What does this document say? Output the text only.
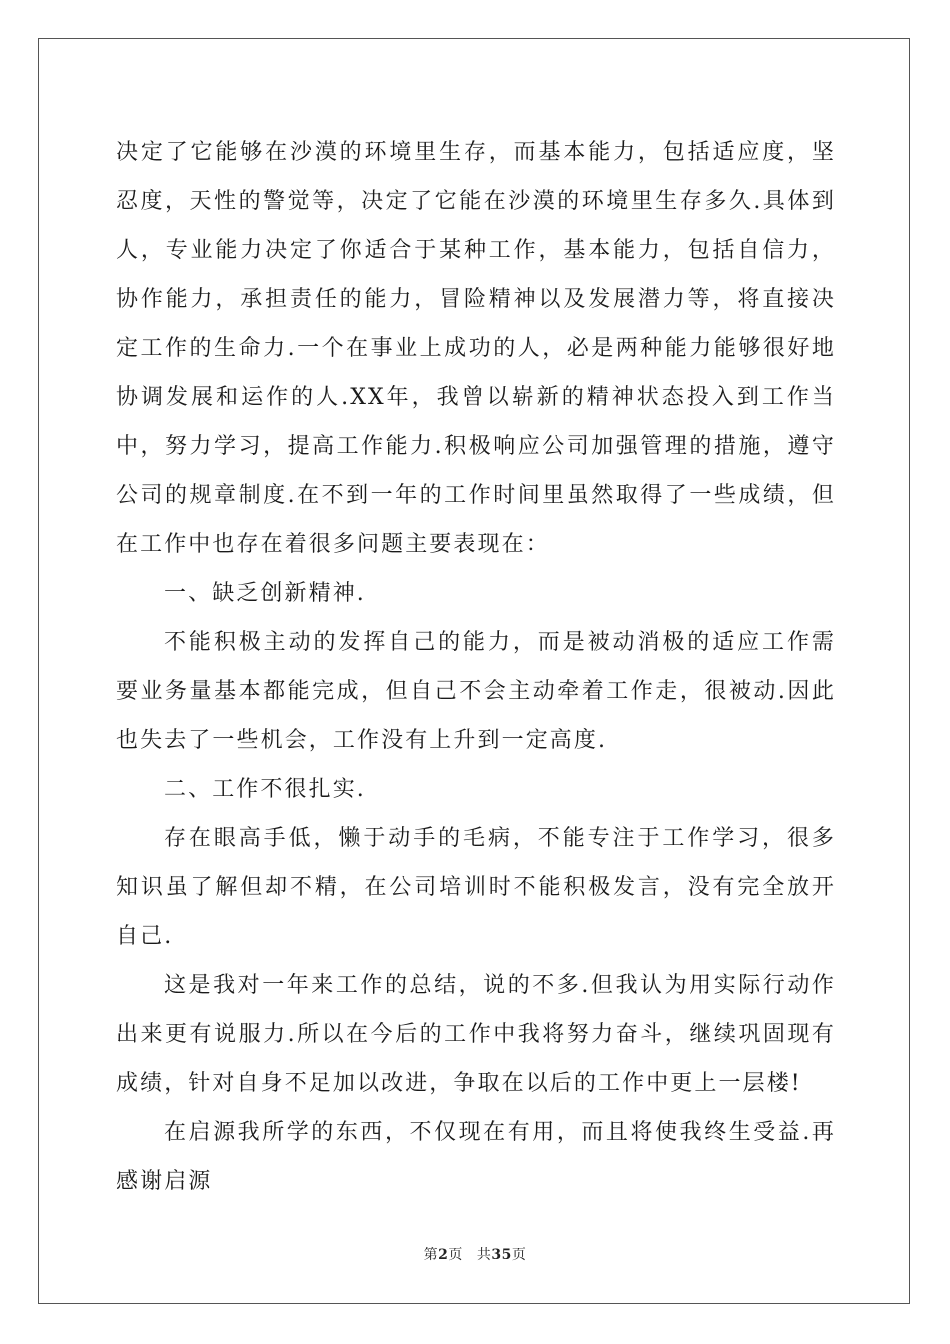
决定了它能够在沙漠的环境里生存，而基本能力，包括适应度，坚忍度，天性的警觉等，决定了它能在沙漠的环境里生存多久.具体到人，专业能力决定了你适合于某种工作，基本能力，包括自信力，协作能力，承担责任的能力，冒险精神以及发展潜力等，将直接决定工作的生命力.一个在事业上成功的人，必是两种能力能够很好地协调发展和运作的人.XX年，我曾以崭新的精神状态投入到工作当中，努力学习，提高工作能力.积极响应公司加强管理的措施，遵守公司的规章制度.在不到一年的工作时间里虽然取得了一些成绩，但在工作中也存在着很多问题主要表现在：

一、缺乏创新精神.

不能积极主动的发挥自己的能力，而是被动消极的适应工作需要业务量基本都能完成，但自己不会主动牵着工作走，很被动.因此也失去了一些机会，工作没有上升到一定高度.

二、工作不很扎实.

存在眼高手低，懒于动手的毛病，不能专注于工作学习，很多知识虽了解但却不精，在公司培训时不能积极发言，没有完全放开自己.

这是我对一年来工作的总结，说的不多.但我认为用实际行动作出来更有说服力.所以在今后的工作中我将努力奋斗，继续巩固现有成绩，针对自身不足加以改进，争取在以后的工作中更上一层楼!

在启源我所学的东西，不仅现在有用，而且将使我终生受益.再感谢启源

第2页 共35页
